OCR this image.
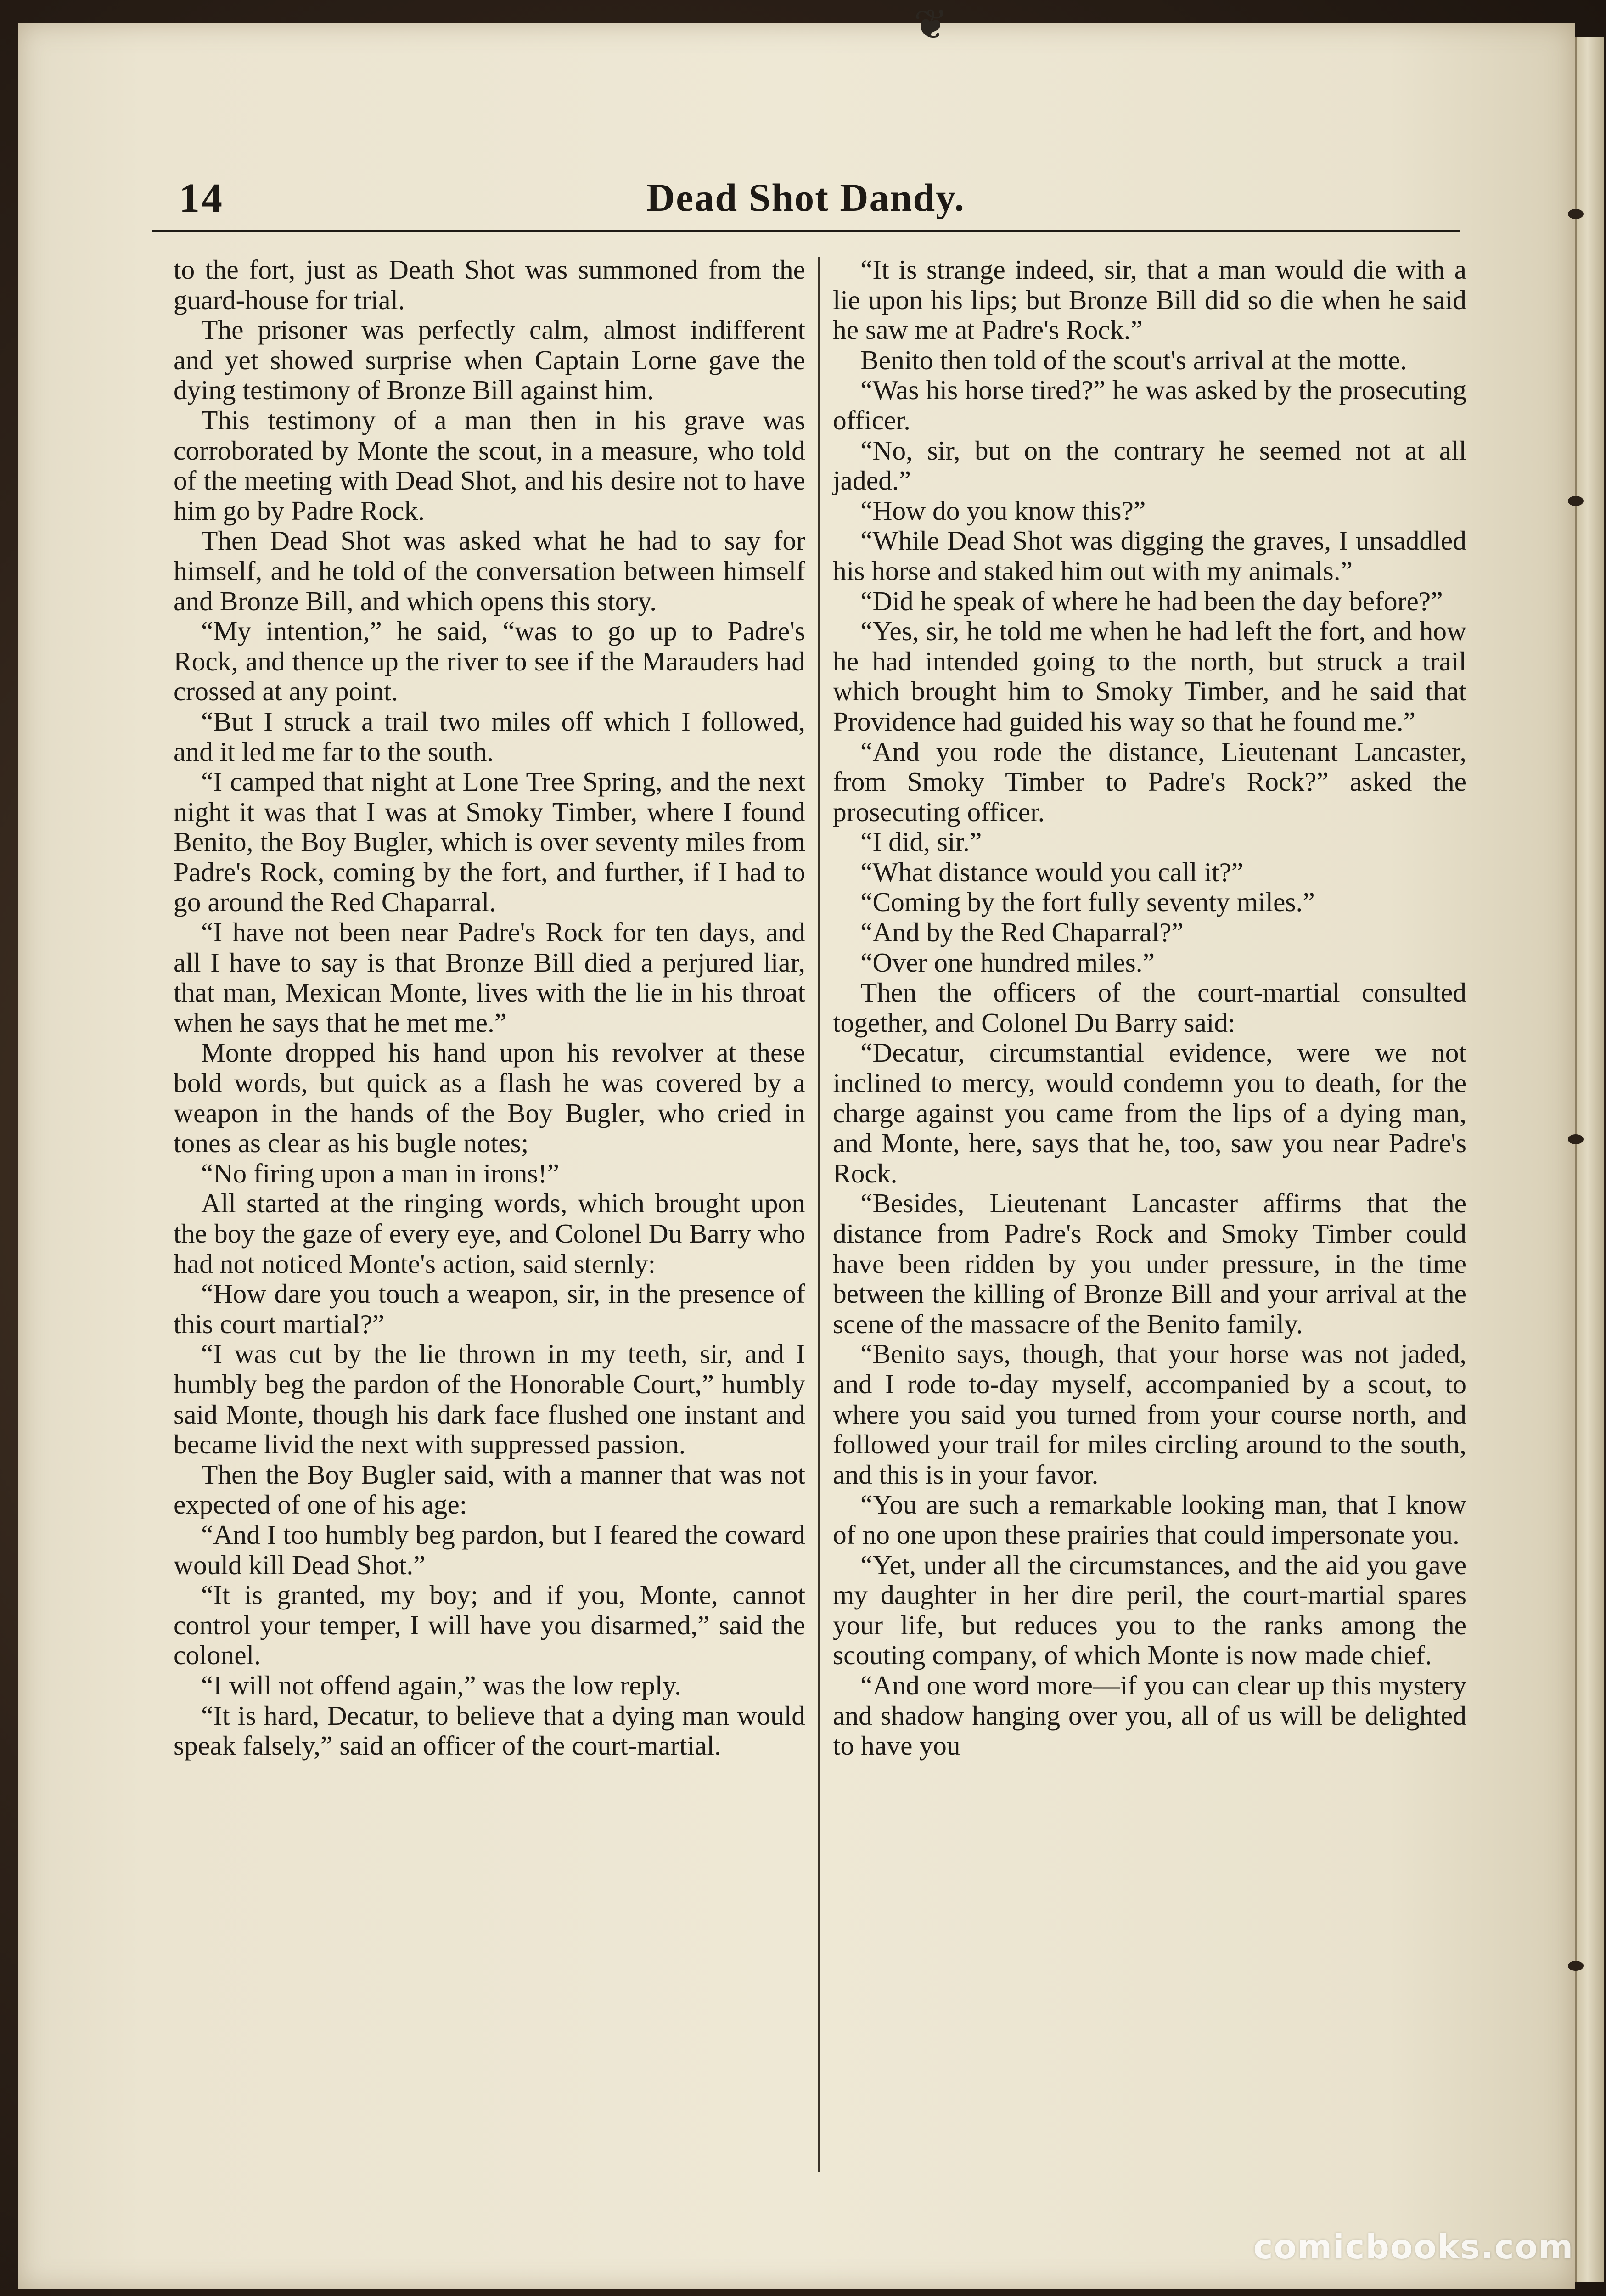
❦
14	Dead Shot Dandy.

to the fort, just as Death Shot was summoned from the guard-house for trial.

The prisoner was perfectly calm, almost indifferent and yet showed surprise when Captain Lorne gave the dying testimony of Bronze Bill against him.

This testimony of a man then in his grave was corroborated by Monte the scout, in a measure, who told of the meeting with Dead Shot, and his desire not to have him go by Padre Rock.

Then Dead Shot was asked what he had to say for himself, and he told of the conversation between himself and Bronze Bill, and which opens this story.

“My intention,” he said, “was to go up to Padre's Rock, and thence up the river to see if the Marauders had crossed at any point.

“But I struck a trail two miles off which I followed, and it led me far to the south.

“I camped that night at Lone Tree Spring, and the next night it was that I was at Smoky Timber, where I found Benito, the Boy Bugler, which is over seventy miles from Padre's Rock, coming by the fort, and further, if I had to go around the Red Chaparral.

“I have not been near Padre's Rock for ten days, and all I have to say is that Bronze Bill died a perjured liar, that man, Mexican Monte, lives with the lie in his throat when he says that he met me.”

Monte dropped his hand upon his revolver at these bold words, but quick as a flash he was covered by a weapon in the hands of the Boy Bugler, who cried in tones as clear as his bugle notes;

“No firing upon a man in irons!”

All started at the ringing words, which brought upon the boy the gaze of every eye, and Colonel Du Barry who had not noticed Monte's action, said sternly:

“How dare you touch a weapon, sir, in the presence of this court martial?”

“I was cut by the lie thrown in my teeth, sir, and I humbly beg the pardon of the Honorable Court,” humbly said Monte, though his dark face flushed one instant and became livid the next with suppressed passion.

Then the Boy Bugler said, with a manner that was not expected of one of his age:

“And I too humbly beg pardon, but I feared the coward would kill Dead Shot.”

“It is granted, my boy; and if you, Monte, cannot control your temper, I will have you disarmed,” said the colonel.

“I will not offend again,” was the low reply.

“It is hard, Decatur, to believe that a dying man would speak falsely,” said an officer of the court-martial.

“It is strange indeed, sir, that a man would die with a lie upon his lips; but Bronze Bill did so die when he said he saw me at Padre's Rock.”

Benito then told of the scout's arrival at the motte.

“Was his horse tired?” he was asked by the prosecuting officer.

“No, sir, but on the contrary he seemed not at all jaded.”

“How do you know this?”

“While Dead Shot was digging the graves, I unsaddled his horse and staked him out with my animals.”

“Did he speak of where he had been the day before?”

“Yes, sir, he told me when he had left the fort, and how he had intended going to the north, but struck a trail which brought him to Smoky Timber, and he said that Providence had guided his way so that he found me.”

“And you rode the distance, Lieutenant Lancaster, from Smoky Timber to Padre's Rock?” asked the prosecuting officer.

“I did, sir.”

“What distance would you call it?”

“Coming by the fort fully seventy miles.”

“And by the Red Chaparral?”

“Over one hundred miles.”

Then the officers of the court-martial consulted together, and Colonel Du Barry said:

“Decatur, circumstantial evidence, were we not inclined to mercy, would condemn you to death, for the charge against you came from the lips of a dying man, and Monte, here, says that he, too, saw you near Padre's Rock.

“Besides, Lieutenant Lancaster affirms that the distance from Padre's Rock and Smoky Timber could have been ridden by you under pressure, in the time between the killing of Bronze Bill and your arrival at the scene of the massacre of the Benito family.

“Benito says, though, that your horse was not jaded, and I rode to-day myself, accompanied by a scout, to where you said you turned from your course north, and followed your trail for miles circling around to the south, and this is in your favor.

“You are such a remarkable looking man, that I know of no one upon these prairies that could impersonate you.

“Yet, under all the circumstances, and the aid you gave my daughter in her dire peril, the court-martial spares your life, but reduces you to the ranks among the scouting company, of which Monte is now made chief.

“And one word more—if you can clear up this mystery and shadow hanging over you, all of us will be delighted to have you

comicbooks.com
